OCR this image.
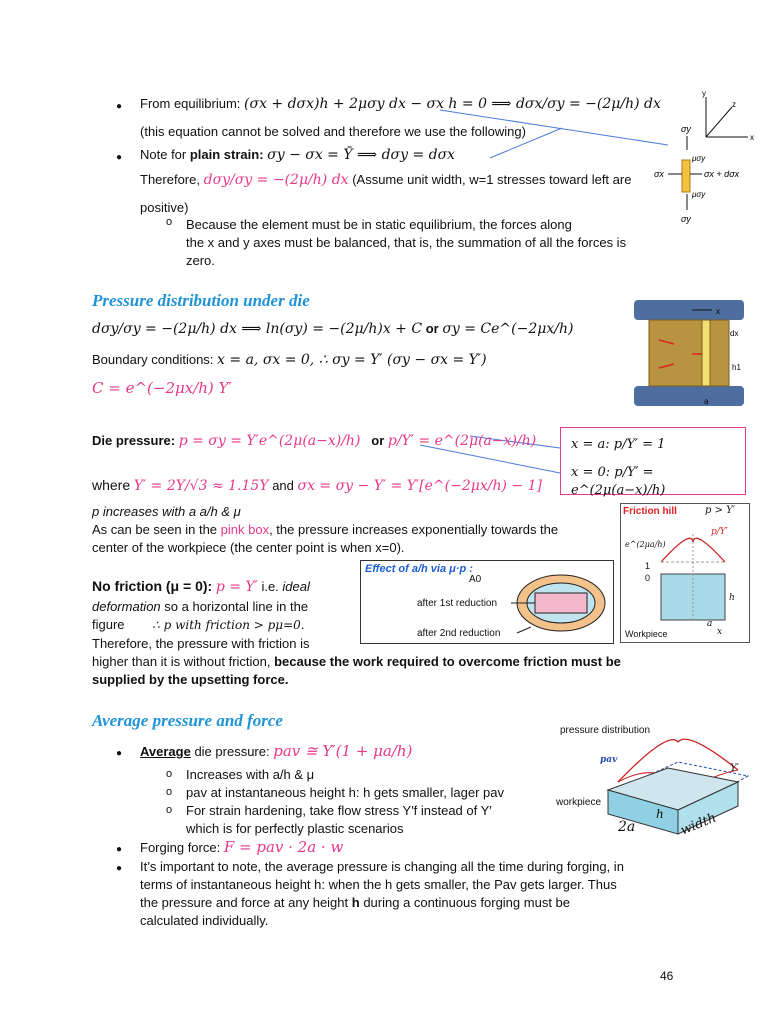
● From equilibrium: (σx + dσx)h + 2μσy dx − σx h = 0 ⟹ dσx/σy = −(2μ/h) dx
(this equation cannot be solved and therefore we use the following)
● Note for plain strain: σy − σx = Ȳ ⟹ dσy = dσx
Therefore, dσy/σy = −(2μ/h) dx (Assume unit width, w=1 stresses toward left are
positive)
o Because the element must be in static equilibrium, the forces along
the x and y axes must be balanced, that is, the summation of all the forces is
zero.
y
z
x
σy
μσy
σx	σx + dσx
μσy
σy
Pressure distribution under die
dσy/σy = −(2μ/h) dx ⟹ ln(σy) = −(2μ/h)x + C or σy = Ce^(−2μx/h)
Boundary conditions: x = a, σx = 0, ∴ σy = Y′ (σy − σx = Y′)
C = e^(−2μx/h) Y′
Die pressure: p = σy = Y′e^(2μ(a−x)/h) or p/Y′ = e^(2μ(a−x)/h)
where Y′ = 2Y/√3 ≈ 1.15Y and σx = σy − Y′ = Y′[e^(−2μx/h) − 1]
p increases with a a/h & μ
As can be seen in the pink box, the pressure increases exponentially towards the
center of the workpiece (the center point is when x=0).
x = a: p/Y′ = 1
x = 0: p/Y′ = e^(2μ(a−x)/h)
x
dx
h1
a
No friction (μ = 0): p = Y′ i.e. ideal
deformation so a horizontal line in the
figure ∴ p with friction > pμ=0.
Therefore, the pressure with friction is
higher than it is without friction, because the work required to overcome friction must be
supplied by the upsetting force.
Effect of a/h via μ·p :
A0
after 1st reduction
after 2nd reduction
Friction hill	p > Y′
p/Y′
e^(2μa/h)
1
0
h
a
x
Workpiece
Average pressure and force
● Average die pressure: pav ≅ Y′(1 + μa/h)
o Increases with a/h & μ
o pav at instantaneous height h: h gets smaller, lager pav
o For strain hardening, take flow stress Y′f instead of Y′
which is for perfectly plastic scenarios
● Forging force: F = pav · 2a · w
● It’s important to note, the average pressure is changing all the time during forging, in
terms of instantaneous height h: when the h gets smaller, the Pav gets larger. Thus
the pressure and force at any height h during a continuous forging must be
calculated individually.
pressure distribution
pav
Y′
workpiece
h
2a	width
46
